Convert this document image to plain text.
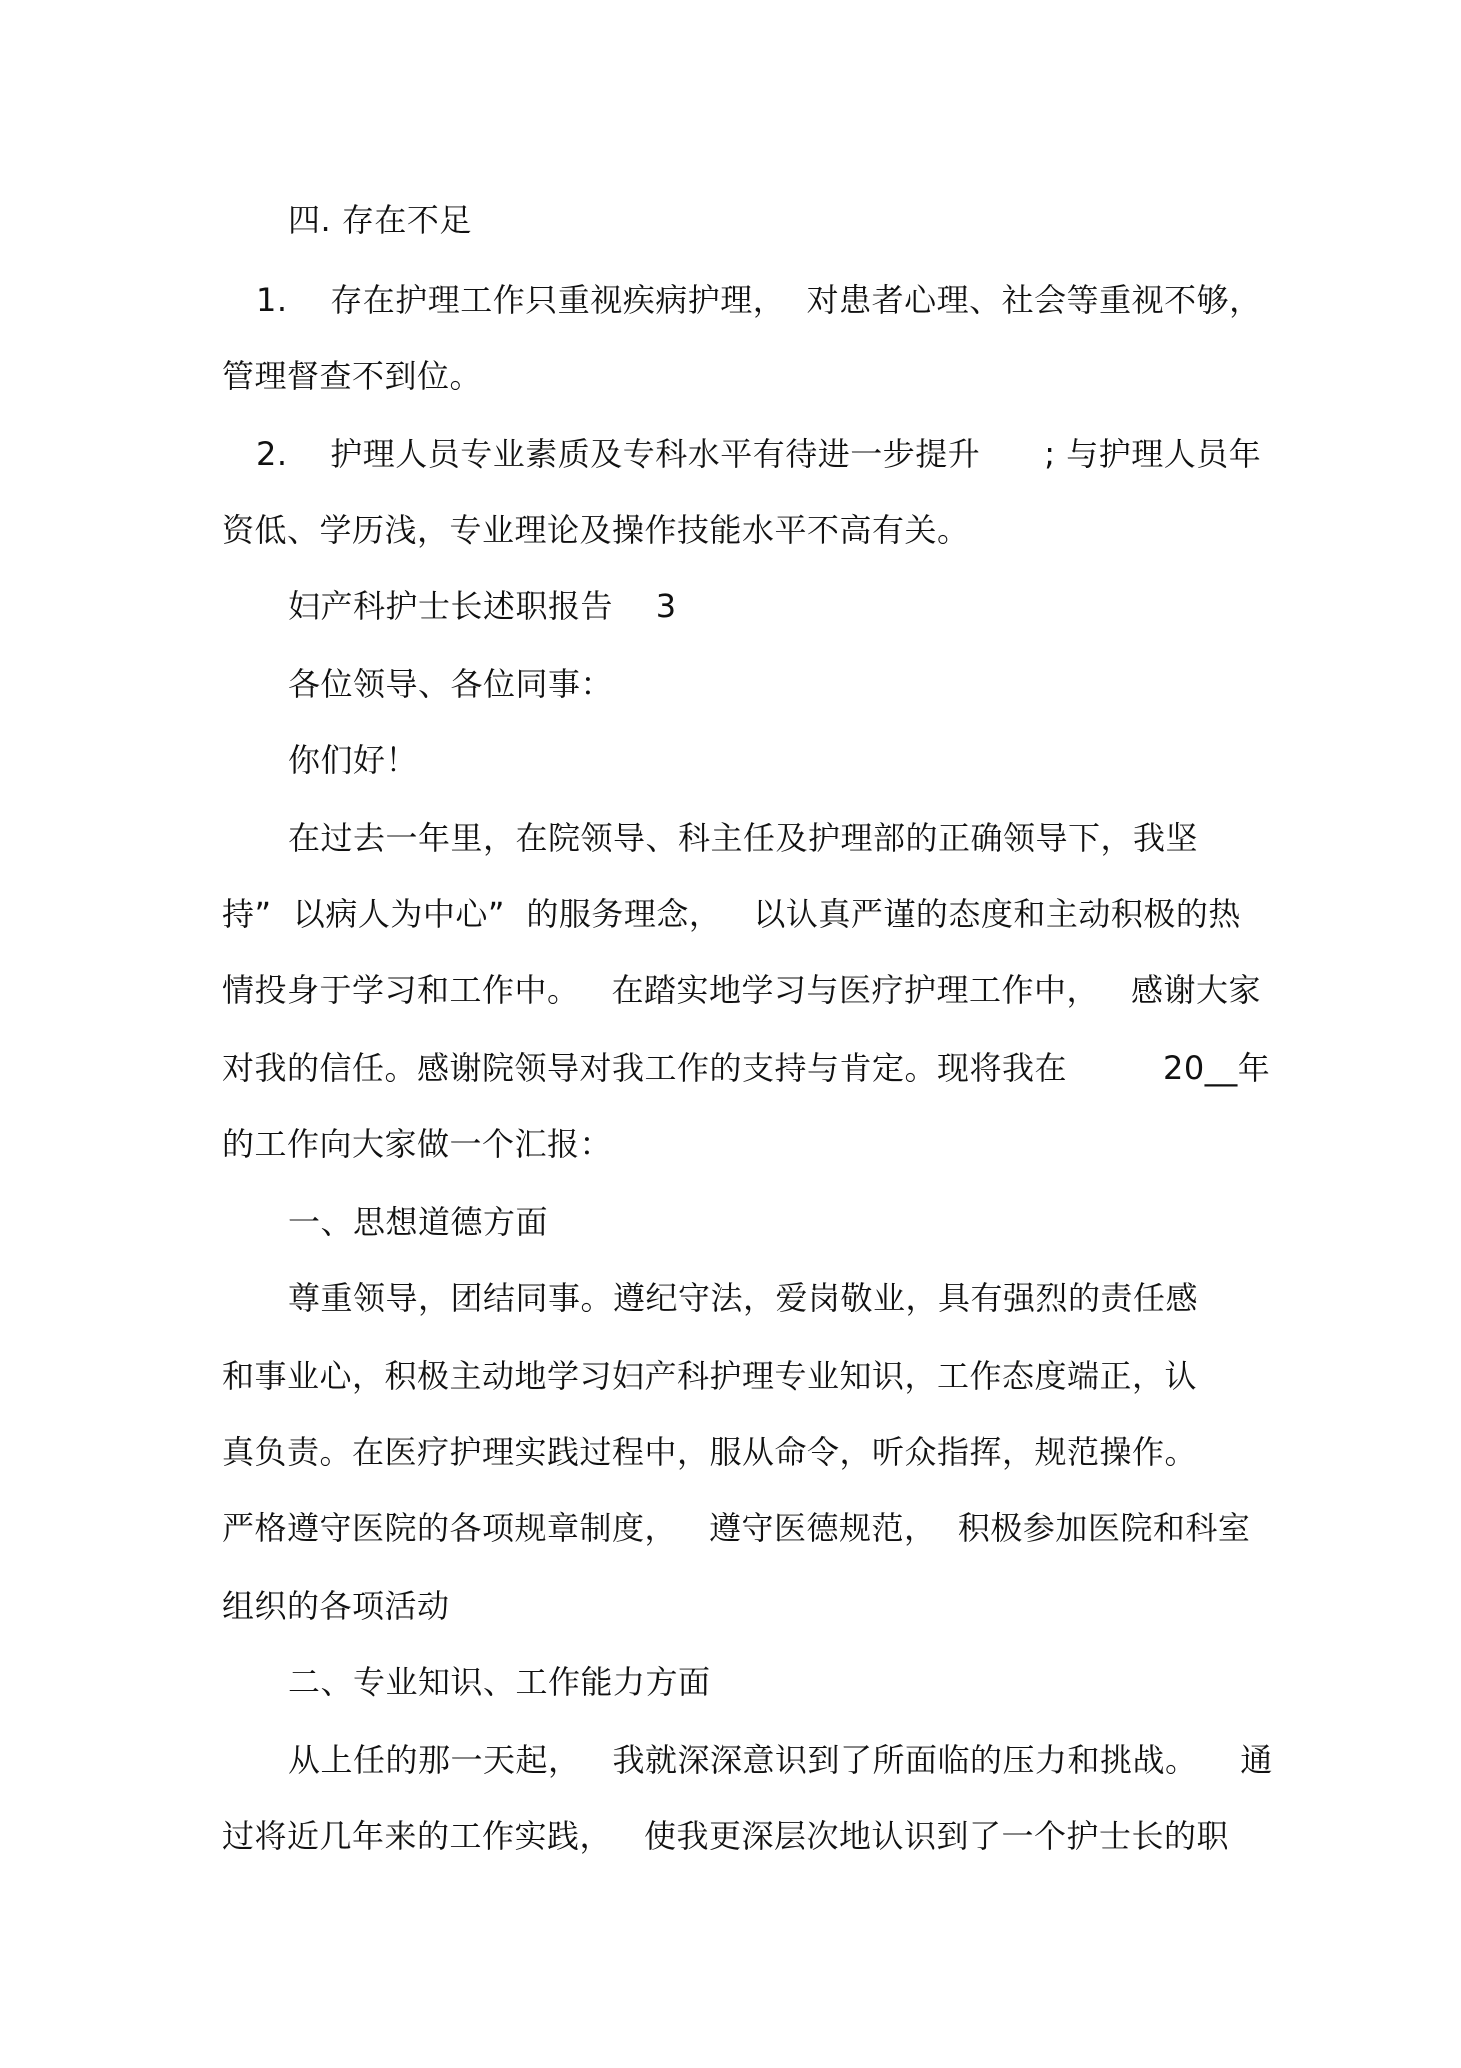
四. 存在不足
1.    存在护理工作只重视疾病护理，  对患者心理、社会等重视不够，
管理督查不到位。
2.    护理人员专业素质及专科水平有待进一步提升      ; 与护理人员年
资低、学历浅，专业理论及操作技能水平不高有关。
妇产科护士长述职报告    3
各位领导、各位同事：
你们好！
在过去一年里，在院领导、科主任及护理部的正确领导下，我坚
持”  以病人为中心”  的服务理念，   以认真严谨的态度和主动积极的热
情投身于学习和工作中。   在踏实地学习与医疗护理工作中，   感谢大家
对我的信任。感谢院领导对我工作的支持与肯定。现将我在         20__年
的工作向大家做一个汇报：
一、思想道德方面
尊重领导，团结同事。遵纪守法，爱岗敬业，具有强烈的责任感
和事业心，积极主动地学习妇产科护理专业知识，工作态度端正，认
真负责。在医疗护理实践过程中，服从命令，听众指挥，规范操作。
严格遵守医院的各项规章制度，   遵守医德规范，  积极参加医院和科室
组织的各项活动
二、专业知识、工作能力方面
从上任的那一天起，   我就深深意识到了所面临的压力和挑战。    通
过将近几年来的工作实践，   使我更深层次地认识到了一个护士长的职
